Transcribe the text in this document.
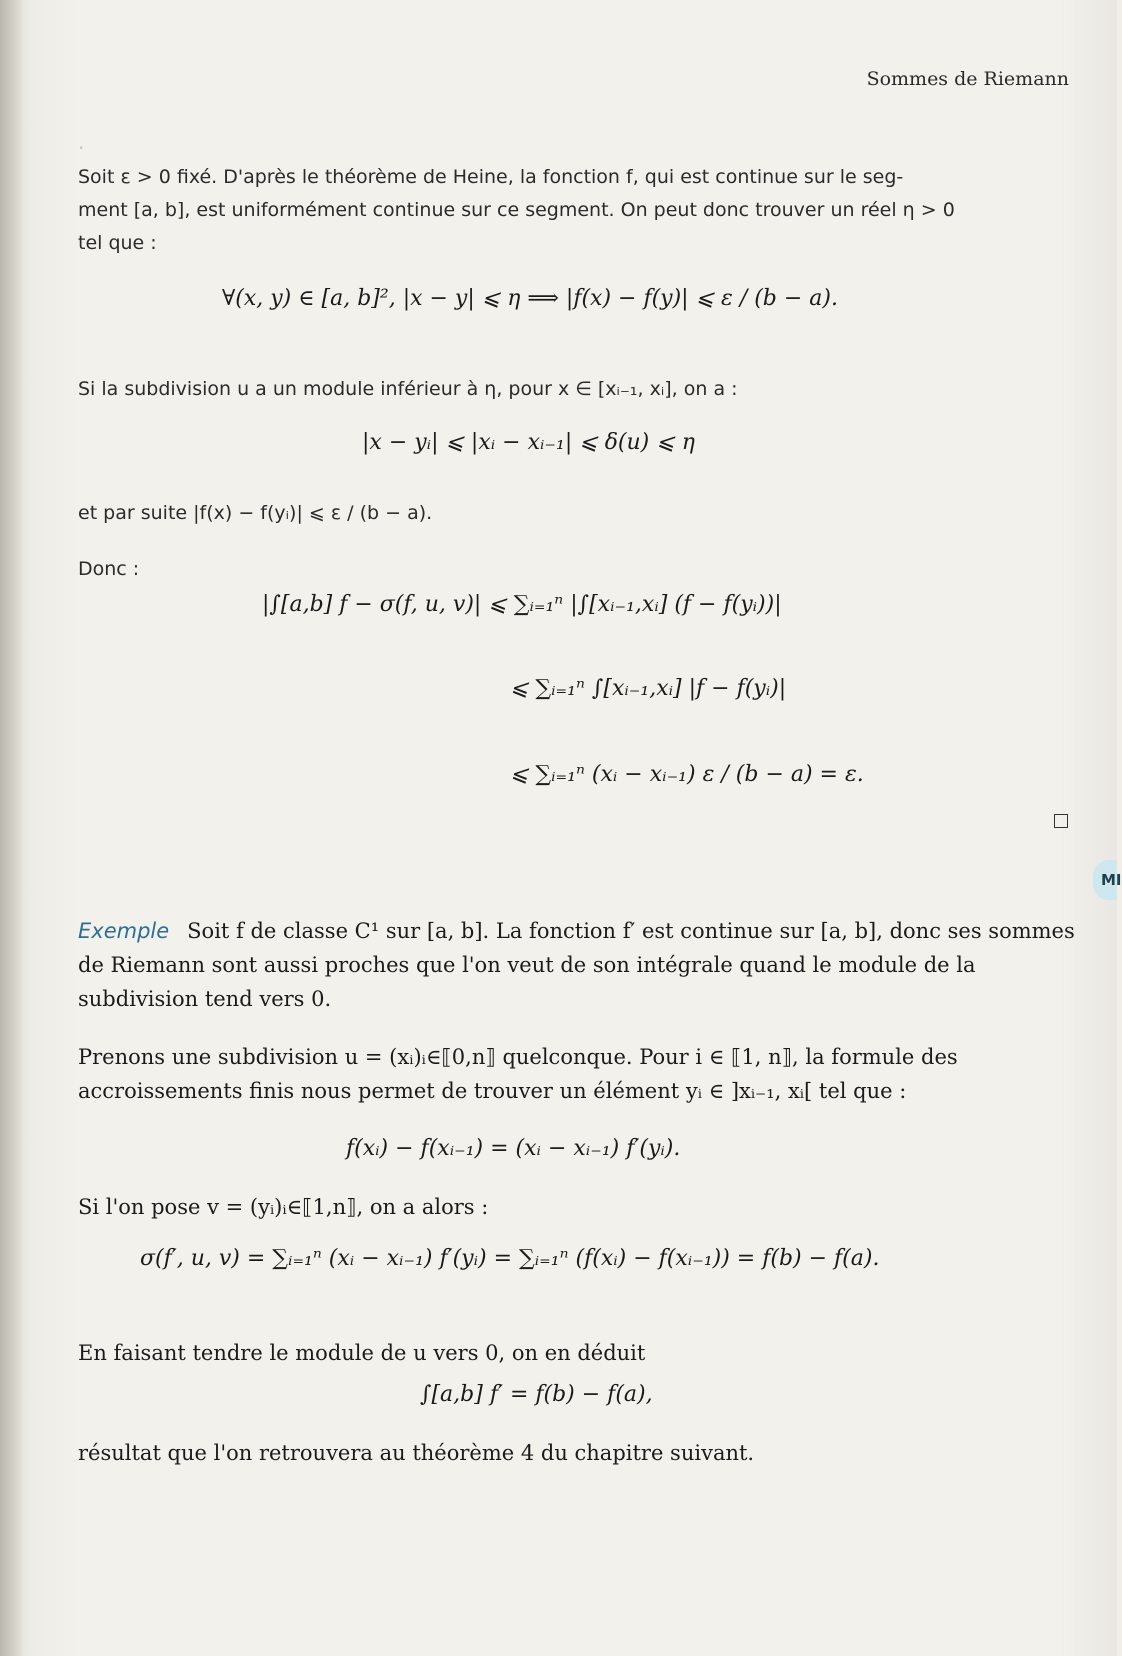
·
Sommes de Riemann
Soit ε > 0 fixé. D'après le théorème de Heine, la fonction f, qui est continue sur le seg-
ment [a, b], est uniformément continue sur ce segment. On peut donc trouver un réel η > 0
tel que :
∀(x, y) ∈ [a, b]², |x − y| ⩽ η ⟹ |f(x) − f(y)| ⩽ ε / (b − a).
Si la subdivision u a un module inférieur à η, pour x ∈ [xᵢ₋₁, xᵢ], on a :
|x − yᵢ| ⩽ |xᵢ − xᵢ₋₁| ⩽ δ(u) ⩽ η
et par suite |f(x) − f(yᵢ)| ⩽ ε / (b − a).
Donc :
|∫[a,b] f − σ(f, u, v)| ⩽ ∑ᵢ₌₁ⁿ |∫[xᵢ₋₁,xᵢ] (f − f(yᵢ))|
⩽ ∑ᵢ₌₁ⁿ ∫[xᵢ₋₁,xᵢ] |f − f(yᵢ)|
⩽ ∑ᵢ₌₁ⁿ (xᵢ − xᵢ₋₁) ε / (b − a) = ε.
MI
Exemple Soit f de classe C¹ sur [a, b]. La fonction f′ est continue sur [a, b], donc ses sommes de Riemann sont aussi proches que l'on veut de son intégrale quand le module de la subdivision tend vers 0.
Prenons une subdivision u = (xᵢ)ᵢ∈⟦0,n⟧ quelconque. Pour i ∈ ⟦1, n⟧, la formule des accroissements finis nous permet de trouver un élément yᵢ ∈ ]xᵢ₋₁, xᵢ[ tel que :
f(xᵢ) − f(xᵢ₋₁) = (xᵢ − xᵢ₋₁) f′(yᵢ).
Si l'on pose v = (yᵢ)ᵢ∈⟦1,n⟧, on a alors :
σ(f′, u, v) = ∑ᵢ₌₁ⁿ (xᵢ − xᵢ₋₁) f′(yᵢ) = ∑ᵢ₌₁ⁿ (f(xᵢ) − f(xᵢ₋₁)) = f(b) − f(a).
En faisant tendre le module de u vers 0, on en déduit
∫[a,b] f′ = f(b) − f(a),
résultat que l'on retrouvera au théorème 4 du chapitre suivant.
